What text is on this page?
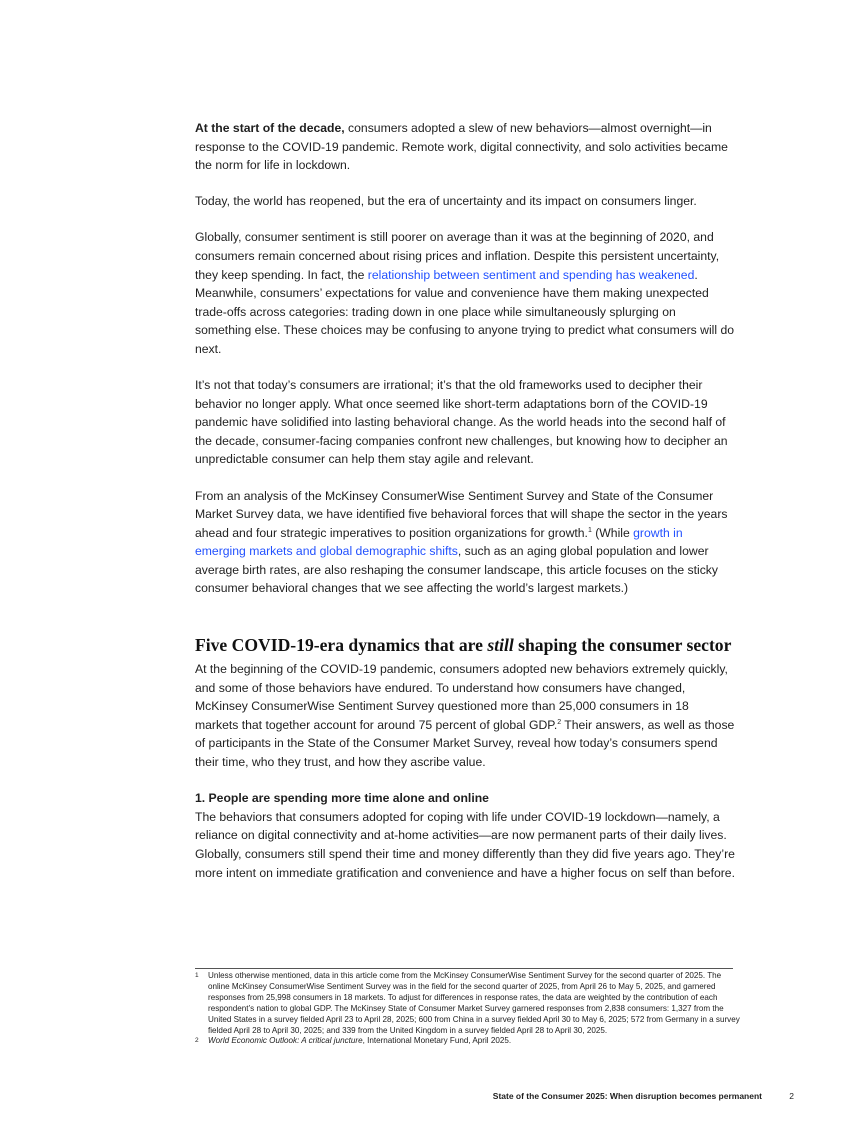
At the start of the decade, consumers adopted a slew of new behaviors—almost overnight—in response to the COVID-19 pandemic. Remote work, digital connectivity, and solo activities became the norm for life in lockdown.

Today, the world has reopened, but the era of uncertainty and its impact on consumers linger.

Globally, consumer sentiment is still poorer on average than it was at the beginning of 2020, and consumers remain concerned about rising prices and inflation. Despite this persistent uncertainty, they keep spending. In fact, the relationship between sentiment and spending has weakened. Meanwhile, consumers’ expectations for value and convenience have them making unexpected trade-offs across categories: trading down in one place while simultaneously splurging on something else. These choices may be confusing to anyone trying to predict what consumers will do next.

It’s not that today’s consumers are irrational; it’s that the old frameworks used to decipher their behavior no longer apply. What once seemed like short-term adaptations born of the COVID-19 pandemic have solidified into lasting behavioral change. As the world heads into the second half of the decade, consumer-facing companies confront new challenges, but knowing how to decipher an unpredictable consumer can help them stay agile and relevant.

From an analysis of the McKinsey ConsumerWise Sentiment Survey and State of the Consumer Market Survey data, we have identified five behavioral forces that will shape the sector in the years ahead and four strategic imperatives to position organizations for growth.$^1$ (While growth in emerging markets and global demographic shifts, such as an aging global population and lower average birth rates, are also reshaping the consumer landscape, this article focuses on the sticky consumer behavioral changes that we see affecting the world’s largest markets.)

Five COVID-19-era dynamics that are still shaping the consumer sector

At the beginning of the COVID-19 pandemic, consumers adopted new behaviors extremely quickly, and some of those behaviors have endured. To understand how consumers have changed, McKinsey ConsumerWise Sentiment Survey questioned more than 25,000 consumers in 18 markets that together account for around 75 percent of global GDP.$^2$ Their answers, as well as those of participants in the State of the Consumer Market Survey, reveal how today’s consumers spend their time, who they trust, and how they ascribe value.

1. People are spending more time alone and online

The behaviors that consumers adopted for coping with life under COVID-19 lockdown—namely, a reliance on digital connectivity and at-home activities—are now permanent parts of their daily lives. Globally, consumers still spend their time and money differently than they did five years ago. They’re more intent on immediate gratification and convenience and have a higher focus on self than before.

1 Unless otherwise mentioned, data in this article come from the McKinsey ConsumerWise Sentiment Survey for the second quarter of 2025. The online McKinsey ConsumerWise Sentiment Survey was in the field for the second quarter of 2025, from April 26 to May 5, 2025, and garnered responses from 25,998 consumers in 18 markets. To adjust for differences in response rates, the data are weighted by the contribution of each respondent’s nation to global GDP. The McKinsey State of Consumer Market Survey garnered responses from 2,838 consumers: 1,327 from the United States in a survey fielded April 23 to April 28, 2025; 600 from China in a survey fielded April 30 to May 6, 2025; 572 from Germany in a survey fielded April 28 to April 30, 2025; and 339 from the United Kingdom in a survey fielded April 28 to April 30, 2025.
2 World Economic Outlook: A critical juncture, International Monetary Fund, April 2025.
State of the Consumer 2025: When disruption becomes permanent	2
